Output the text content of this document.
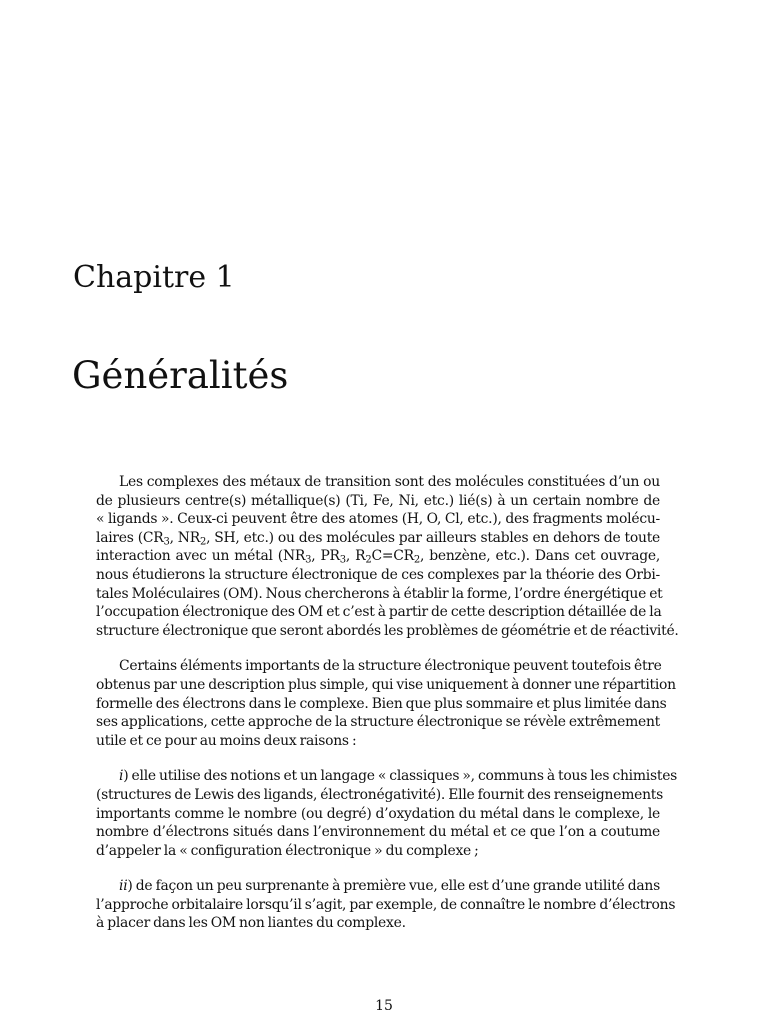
Chapitre 1
Généralités
Les complexes des métaux de transition sont des molécules constituées d’un ou
de plusieurs centre(s) métallique(s) (Ti, Fe, Ni, etc.) lié(s) à un certain nombre de
« ligands ». Ceux-ci peuvent être des atomes (H, O, Cl, etc.), des fragments molécu-
laires ($CR_3$, $NR_2$, SH, etc.) ou des molécules par ailleurs stables en dehors de toute
interaction avec un métal ($NR_3$, $PR_3$, $R_2C=CR_2$, benzène, etc.). Dans cet ouvrage,
nous étudierons la structure électronique de ces complexes par la théorie des Orbi-
tales Moléculaires (OM). Nous chercherons à établir la forme, l’ordre énergétique et
l’occupation électronique des OM et c’est à partir de cette description détaillée de la
structure électronique que seront abordés les problèmes de géométrie et de réactivité.
Certains éléments importants de la structure électronique peuvent toutefois être
obtenus par une description plus simple, qui vise uniquement à donner une répartition
formelle des électrons dans le complexe. Bien que plus sommaire et plus limitée dans
ses applications, cette approche de la structure électronique se révèle extrêmement
utile et ce pour au moins deux raisons :
i) elle utilise des notions et un langage « classiques », communs à tous les chimistes
(structures de Lewis des ligands, électronégativité). Elle fournit des renseignements
importants comme le nombre (ou degré) d’oxydation du métal dans le complexe, le
nombre d’électrons situés dans l’environnement du métal et ce que l’on a coutume
d’appeler la « configuration électronique » du complexe ;
ii) de façon un peu surprenante à première vue, elle est d’une grande utilité dans
l’approche orbitalaire lorsqu’il s’agit, par exemple, de connaître le nombre d’électrons
à placer dans les OM non liantes du complexe.
15
